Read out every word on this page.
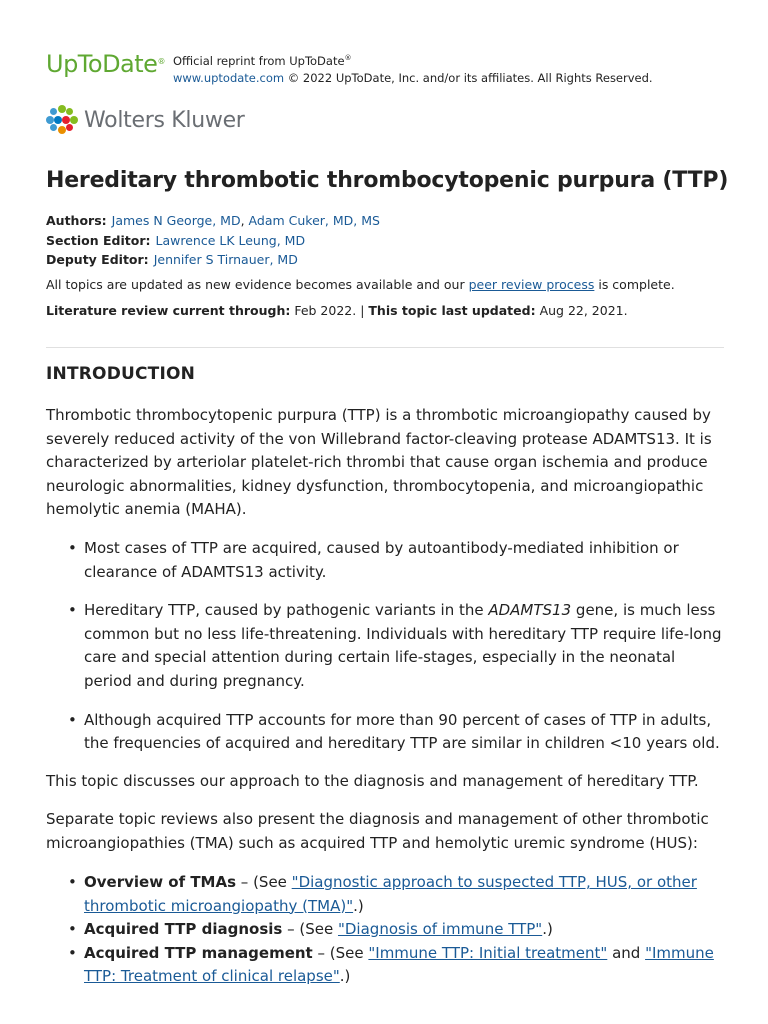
UpToDate® Official reprint from UpToDate®
www.uptodate.com © 2022 UpToDate, Inc. and/or its affiliates. All Rights Reserved.
Wolters Kluwer
Hereditary thrombotic thrombocytopenic purpura (TTP)
Authors: James N George, MD , Adam Cuker, MD, MS
Section Editor: Lawrence LK Leung, MD
Deputy Editor: Jennifer S Tirnauer, MD
All topics are updated as new evidence becomes available and our peer review process is complete.
Literature review current through: Feb 2022. | This topic last updated: Aug 22, 2021.
INTRODUCTION

Thrombotic thrombocytopenic purpura (TTP) is a thrombotic microangiopathy caused by severely reduced activity of the von Willebrand factor-cleaving protease ADAMTS13. It is characterized by arteriolar platelet-rich thrombi that cause organ ischemia and produce neurologic abnormalities, kidney dysfunction, thrombocytopenia, and microangiopathic hemolytic anemia (MAHA).

• Most cases of TTP are acquired, caused by autoantibody-mediated inhibition or clearance of ADAMTS13 activity.
• Hereditary TTP, caused by pathogenic variants in the ADAMTS13 gene, is much less common but no less life-threatening. Individuals with hereditary TTP require life-long care and special attention during certain life-stages, especially in the neonatal period and during pregnancy.
• Although acquired TTP accounts for more than 90 percent of cases of TTP in adults, the frequencies of acquired and hereditary TTP are similar in children <10 years old.

This topic discusses our approach to the diagnosis and management of hereditary TTP.

Separate topic reviews also present the diagnosis and management of other thrombotic microangiopathies (TMA) such as acquired TTP and hemolytic uremic syndrome (HUS):

• Overview of TMAs – (See "Diagnostic approach to suspected TTP, HUS, or other thrombotic microangiopathy (TMA)".)
• Acquired TTP diagnosis – (See "Diagnosis of immune TTP".)
• Acquired TTP management – (See "Immune TTP: Initial treatment" and "Immune TTP: Treatment of clinical relapse".)
